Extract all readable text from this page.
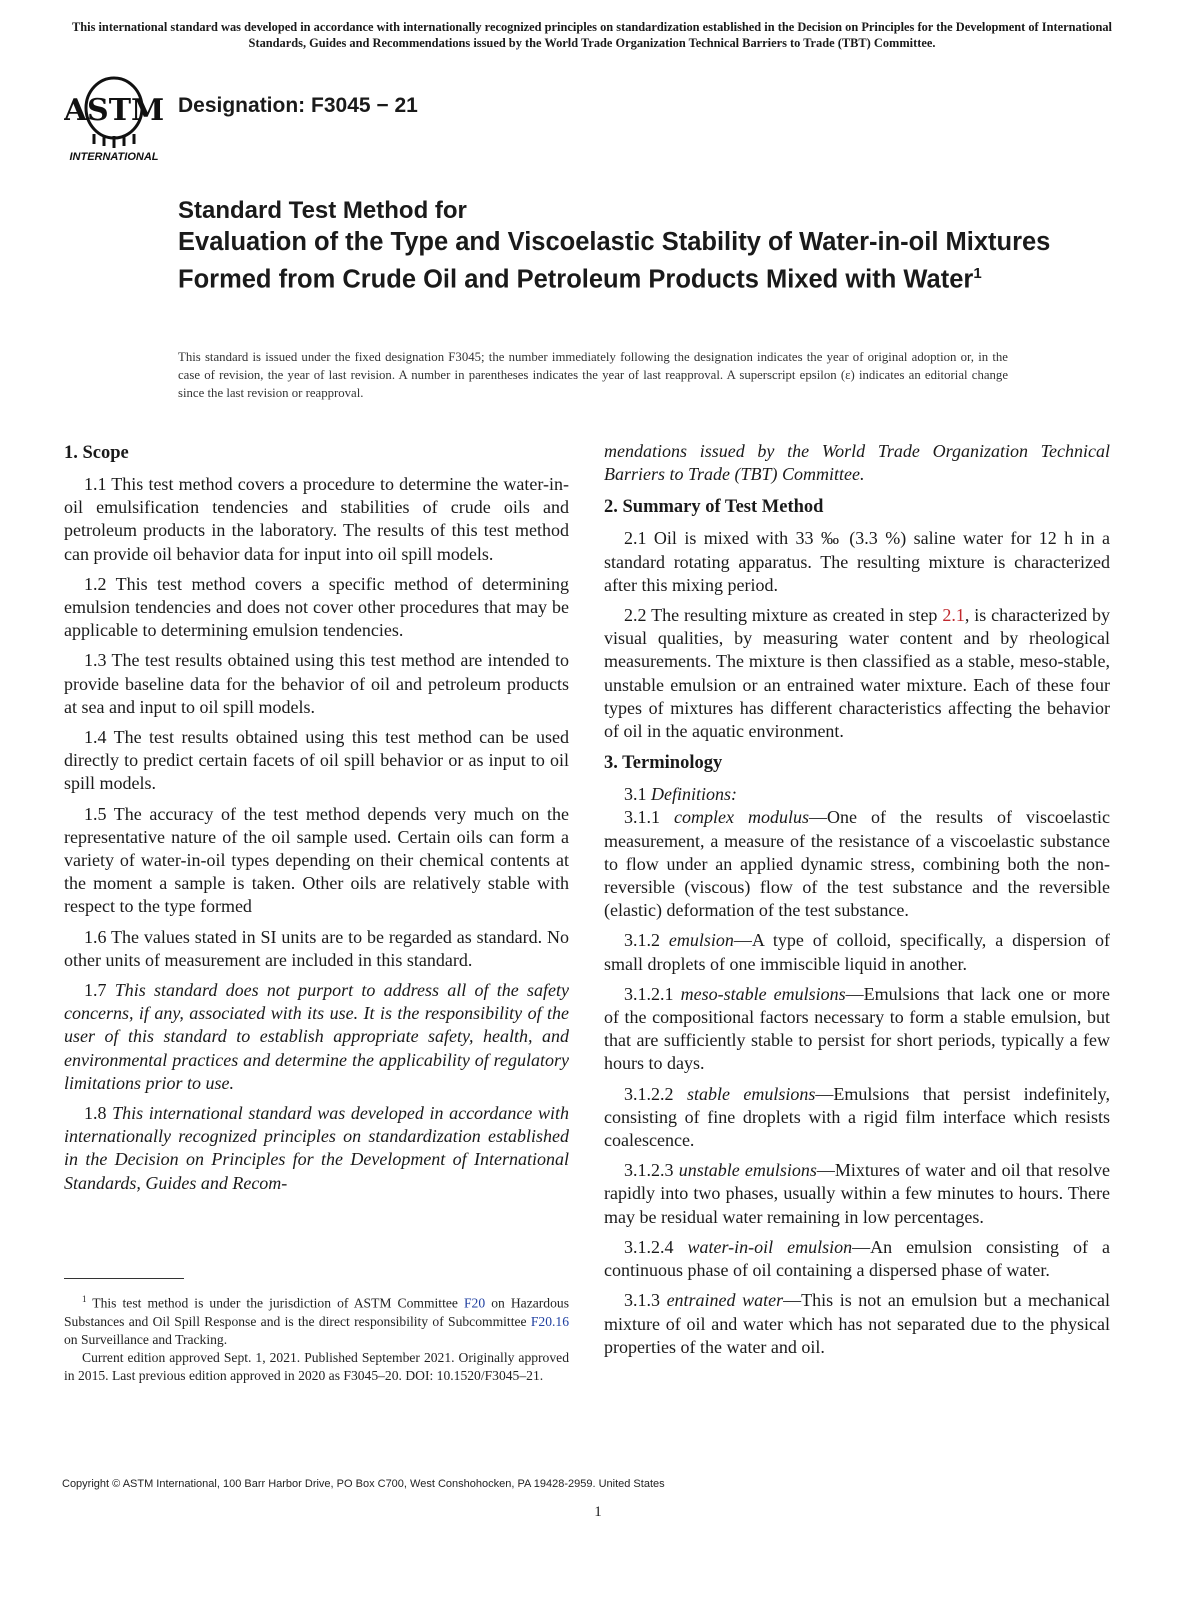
This international standard was developed in accordance with internationally recognized principles on standardization established in the Decision on Principles for the Development of International Standards, Guides and Recommendations issued by the World Trade Organization Technical Barriers to Trade (TBT) Committee.
ASTM
INTERNATIONAL
Designation: F3045 − 21
Standard Test Method for
Evaluation of the Type and Viscoelastic Stability of Water-in-oil Mixtures Formed from Crude Oil and Petroleum Products Mixed with Water$^1$
This standard is issued under the fixed designation F3045; the number immediately following the designation indicates the year of original adoption or, in the case of revision, the year of last revision. A number in parentheses indicates the year of last reapproval. A superscript epsilon (ε) indicates an editorial change since the last revision or reapproval.
1. Scope

1.1 This test method covers a procedure to determine the water-in-oil emulsification tendencies and stabilities of crude oils and petroleum products in the laboratory. The results of this test method can provide oil behavior data for input into oil spill models.

1.2 This test method covers a specific method of determining emulsion tendencies and does not cover other procedures that may be applicable to determining emulsion tendencies.

1.3 The test results obtained using this test method are intended to provide baseline data for the behavior of oil and petroleum products at sea and input to oil spill models.

1.4 The test results obtained using this test method can be used directly to predict certain facets of oil spill behavior or as input to oil spill models.

1.5 The accuracy of the test method depends very much on the representative nature of the oil sample used. Certain oils can form a variety of water-in-oil types depending on their chemical contents at the moment a sample is taken. Other oils are relatively stable with respect to the type formed

1.6 The values stated in SI units are to be regarded as standard. No other units of measurement are included in this standard.

1.7 This standard does not purport to address all of the safety concerns, if any, associated with its use. It is the responsibility of the user of this standard to establish appropriate safety, health, and environmental practices and determine the applicability of regulatory limitations prior to use.

1.8 This international standard was developed in accordance with internationally recognized principles on standardization established in the Decision on Principles for the Development of International Standards, Guides and Recom-

mendations issued by the World Trade Organization Technical Barriers to Trade (TBT) Committee.

2. Summary of Test Method

2.1 Oil is mixed with 33 ‰ (3.3 %) saline water for 12 h in a standard rotating apparatus. The resulting mixture is characterized after this mixing period.

2.2 The resulting mixture as created in step 2.1, is characterized by visual qualities, by measuring water content and by rheological measurements. The mixture is then classified as a stable, meso-stable, unstable emulsion or an entrained water mixture. Each of these four types of mixtures has different characteristics affecting the behavior of oil in the aquatic environment.

3. Terminology

3.1 Definitions:

3.1.1 complex modulus—One of the results of viscoelastic measurement, a measure of the resistance of a viscoelastic substance to flow under an applied dynamic stress, combining both the non-reversible (viscous) flow of the test substance and the reversible (elastic) deformation of the test substance.

3.1.2 emulsion—A type of colloid, specifically, a dispersion of small droplets of one immiscible liquid in another.

3.1.2.1 meso-stable emulsions—Emulsions that lack one or more of the compositional factors necessary to form a stable emulsion, but that are sufficiently stable to persist for short periods, typically a few hours to days.

3.1.2.2 stable emulsions—Emulsions that persist indefinitely, consisting of fine droplets with a rigid film interface which resists coalescence.

3.1.2.3 unstable emulsions—Mixtures of water and oil that resolve rapidly into two phases, usually within a few minutes to hours. There may be residual water remaining in low percentages.

3.1.2.4 water-in-oil emulsion—An emulsion consisting of a continuous phase of oil containing a dispersed phase of water.

3.1.3 entrained water—This is not an emulsion but a mechanical mixture of oil and water which has not separated due to the physical properties of the water and oil.

$^1$ This test method is under the jurisdiction of ASTM Committee F20 on Hazardous Substances and Oil Spill Response and is the direct responsibility of Subcommittee F20.16 on Surveillance and Tracking.

Current edition approved Sept. 1, 2021. Published September 2021. Originally approved in 2015. Last previous edition approved in 2020 as F3045–20. DOI: 10.1520/F3045–21.

Copyright © ASTM International, 100 Barr Harbor Drive, PO Box C700, West Conshohocken, PA 19428-2959. United States
1
